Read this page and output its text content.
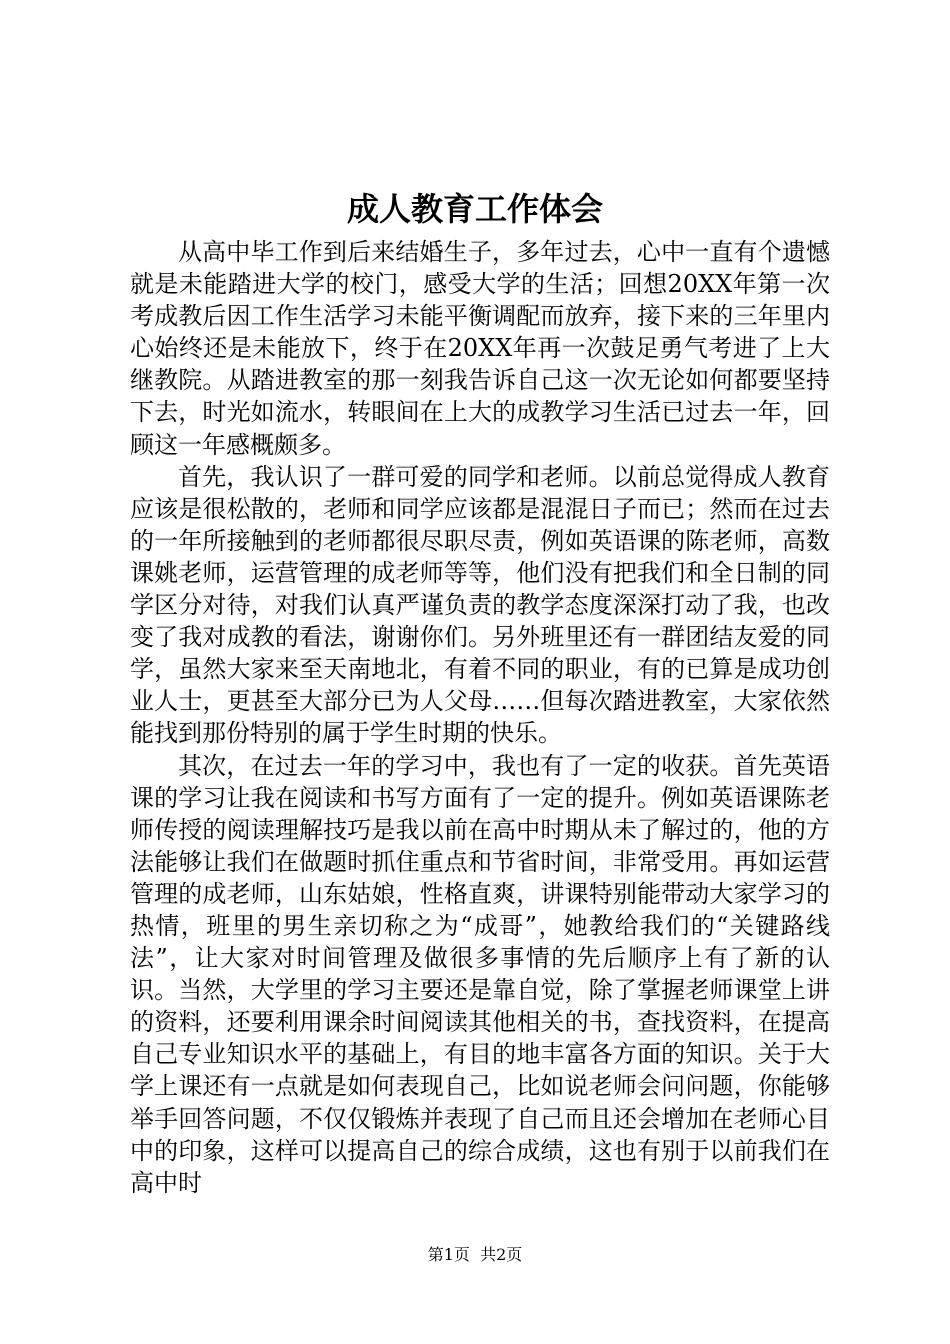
成人教育工作体会

从高中毕工作到后来结婚生子，多年过去，心中一直有个遗憾就是未能踏进大学的校门，感受大学的生活；回想20XX年第一次考成教后因工作生活学习未能平衡调配而放弃，接下来的三年里内心始终还是未能放下，终于在20XX年再一次鼓足勇气考进了上大继教院。从踏进教室的那一刻我告诉自己这一次无论如何都要坚持下去，时光如流水，转眼间在上大的成教学习生活已过去一年，回顾这一年感概颇多。

首先，我认识了一群可爱的同学和老师。以前总觉得成人教育应该是很松散的，老师和同学应该都是混混日子而已；然而在过去的一年所接触到的老师都很尽职尽责，例如英语课的陈老师，高数课姚老师，运营管理的成老师等等，他们没有把我们和全日制的同学区分对待，对我们认真严谨负责的教学态度深深打动了我，也改变了我对成教的看法，谢谢你们。另外班里还有一群团结友爱的同学，虽然大家来至天南地北，有着不同的职业，有的已算是成功创业人士，更甚至大部分已为人父母……但每次踏进教室，大家依然能找到那份特别的属于学生时期的快乐。

其次，在过去一年的学习中，我也有了一定的收获。首先英语课的学习让我在阅读和书写方面有了一定的提升。例如英语课陈老师传授的阅读理解技巧是我以前在高中时期从未了解过的，他的方法能够让我们在做题时抓住重点和节省时间，非常受用。再如运营管理的成老师，山东姑娘，性格直爽，讲课特别能带动大家学习的热情，班里的男生亲切称之为“成哥”，她教给我们的“关键路线法”，让大家对时间管理及做很多事情的先后顺序上有了新的认识。当然，大学里的学习主要还是靠自觉，除了掌握老师课堂上讲的资料，还要利用课余时间阅读其他相关的书，查找资料，在提高自己专业知识水平的基础上，有目的地丰富各方面的知识。关于大学上课还有一点就是如何表现自己，比如说老师会问问题，你能够举手回答问题，不仅仅锻炼并表现了自己而且还会增加在老师心目中的印象，这样可以提高自己的综合成绩，这也有别于以前我们在高中时

第1页 共2页
